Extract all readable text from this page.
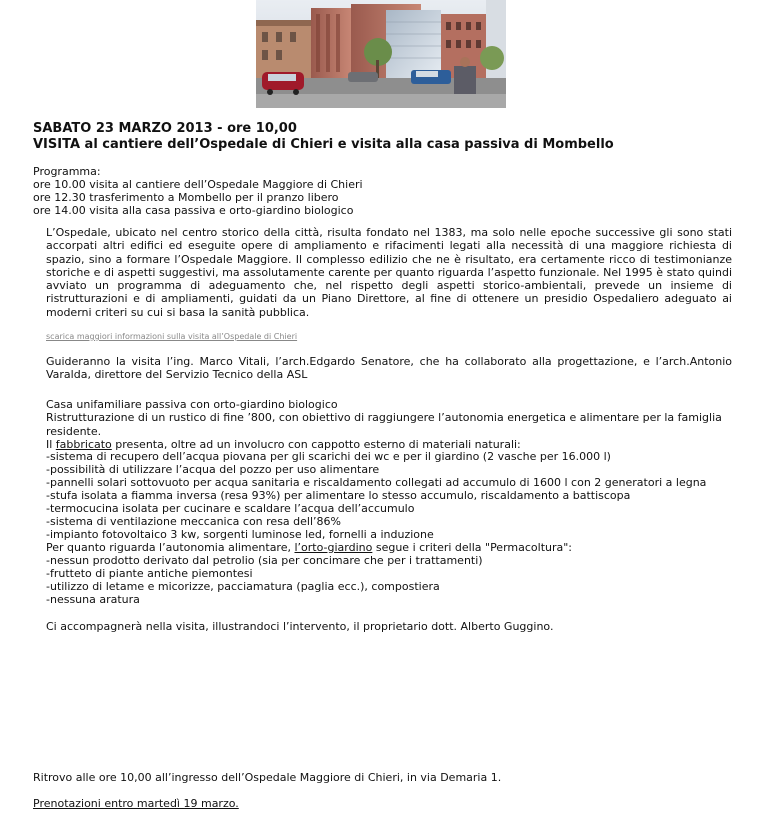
SABATO 23 MARZO 2013 - ore 10,00
VISITA al cantiere dell’Ospedale di Chieri e visita alla casa passiva di Mombello
Programma:
ore 10.00 visita al cantiere dell’Ospedale Maggiore di Chieri
ore 12.30 trasferimento a Mombello per il pranzo libero
ore 14.00 visita alla casa passiva e orto-giardino biologico
L’Ospedale, ubicato nel centro storico della città, risulta fondato nel 1383, ma solo nelle epoche successive gli sono stati accorpati altri edifici ed eseguite opere di ampliamento e rifacimenti legati alla necessità di una maggiore richiesta di spazio, sino a formare l’Ospedale Maggiore. Il complesso edilizio che ne è risultato, era certamente ricco di testimonianze storiche e di aspetti suggestivi, ma assolutamente carente per quanto riguarda l’aspetto funzionale. Nel 1995 è stato quindi avviato un programma di adeguamento che, nel rispetto degli aspetti storico-ambientali, prevede un insieme di ristrutturazioni e di ampliamenti, guidati da un Piano Direttore, al fine di ottenere un presidio Ospedaliero adeguato ai moderni criteri su cui si basa la sanità pubblica.
scarica maggiori informazioni sulla visita all’Ospedale di Chieri
Guideranno la visita l’ing. Marco Vitali, l’arch.Edgardo Senatore, che ha collaborato alla progettazione, e l’arch.Antonio Varalda, direttore del Servizio Tecnico della ASL
Casa unifamiliare passiva con orto-giardino biologico
Ristrutturazione di un rustico di fine ’800, con obiettivo di raggiungere l’autonomia energetica e alimentare per la famiglia residente.
Il fabbricato presenta, oltre ad un involucro con cappotto esterno di materiali naturali:
-sistema di recupero dell’acqua piovana per gli scarichi dei wc e per il giardino (2 vasche per 16.000 l)
-possibilità di utilizzare l’acqua del pozzo per uso alimentare
-pannelli solari sottovuoto per acqua sanitaria e riscaldamento collegati ad accumulo di 1600 l con 2 generatori a legna
-stufa isolata a fiamma inversa (resa 93%) per alimentare lo stesso accumulo, riscaldamento a battiscopa
-termocucina isolata per cucinare e scaldare l’acqua dell’accumulo
-sistema di ventilazione meccanica con resa dell’86%
-impianto fotovoltaico 3 kw, sorgenti luminose led, fornelli a induzione
Per quanto riguarda l’autonomia alimentare, l’orto-giardino segue i criteri della "Permacoltura":
-nessun prodotto derivato dal petrolio (sia per concimare che per i trattamenti)
-frutteto di piante antiche piemontesi
-utilizzo di letame e micorizze, pacciamatura (paglia ecc.), compostiera
-nessuna aratura
Ci accompagnerà nella visita, illustrandoci l’intervento, il proprietario dott. Alberto Guggino.
Ritrovo alle ore 10,00 all’ingresso dell’Ospedale Maggiore di Chieri, in via Demaria 1.
Prenotazioni entro martedì 19 marzo.
